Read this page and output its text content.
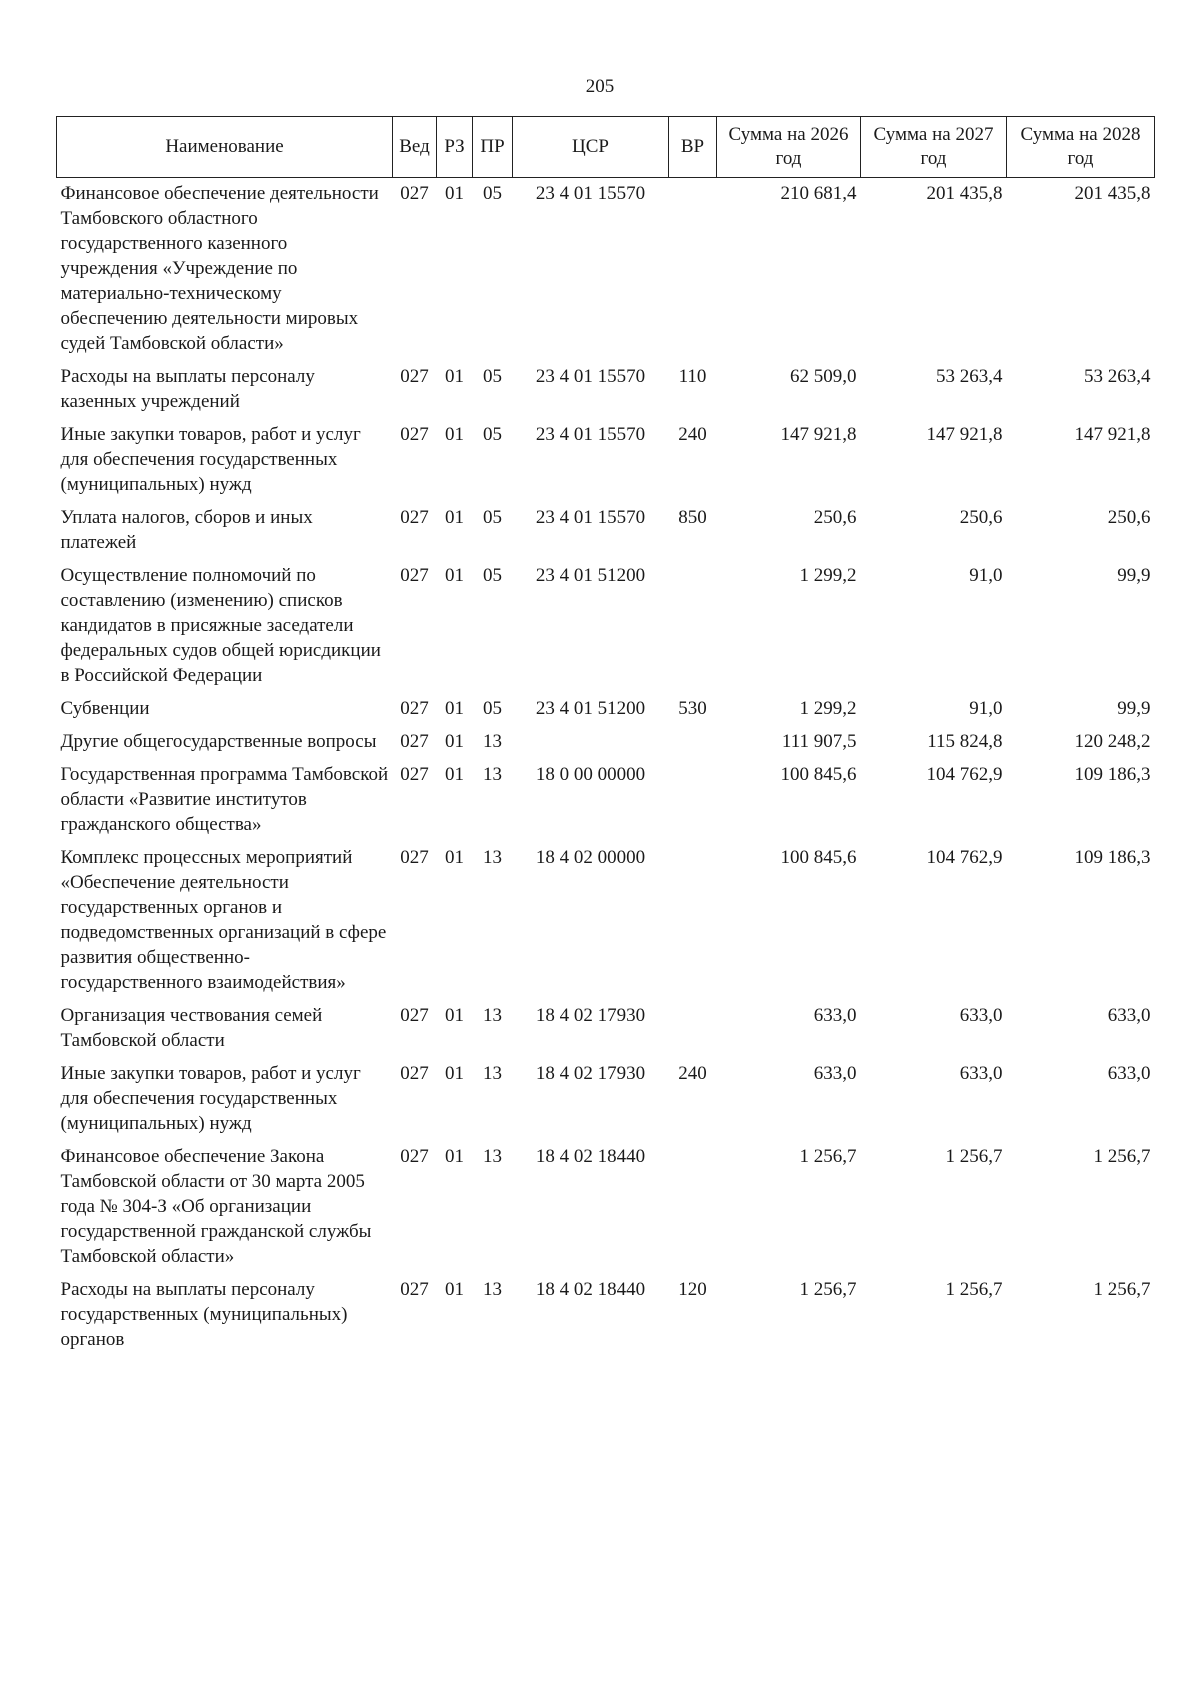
205
Наименование	Вед	РЗ	ПР	ЦСР	ВР	Сумма на 2026 год	Сумма на 2027 год	Сумма на 2028 год
Финансовое обеспечение деятельности Тамбовского областного государственного казенного учреждения «Учреждение по материально-техническому обеспечению деятельности мировых судей Тамбовской области»	027	01	05	23 4 01 15570		210 681,4	201 435,8	201 435,8
Расходы на выплаты персоналу казенных учреждений	027	01	05	23 4 01 15570	110	62 509,0	53 263,4	53 263,4
Иные закупки товаров, работ и услуг для обеспечения государственных (муниципальных) нужд	027	01	05	23 4 01 15570	240	147 921,8	147 921,8	147 921,8
Уплата налогов, сборов и иных платежей	027	01	05	23 4 01 15570	850	250,6	250,6	250,6
Осуществление полномочий по составлению (изменению) списков кандидатов в присяжные заседатели федеральных судов общей юрисдикции в Российской Федерации	027	01	05	23 4 01 51200		1 299,2	91,0	99,9
Субвенции	027	01	05	23 4 01 51200	530	1 299,2	91,0	99,9
Другие общегосударственные вопросы	027	01	13			111 907,5	115 824,8	120 248,2
Государственная программа Тамбовской области «Развитие институтов гражданского общества»	027	01	13	18 0 00 00000		100 845,6	104 762,9	109 186,3
Комплекс процессных мероприятий «Обеспечение деятельности государственных органов и подведомственных организаций в сфере развития общественно-государственного взаимодействия»	027	01	13	18 4 02 00000		100 845,6	104 762,9	109 186,3
Организация чествования семей Тамбовской области	027	01	13	18 4 02 17930		633,0	633,0	633,0
Иные закупки товаров, работ и услуг для обеспечения государственных (муниципальных) нужд	027	01	13	18 4 02 17930	240	633,0	633,0	633,0
Финансовое обеспечение Закона Тамбовской области от 30 марта 2005 года № 304-З «Об организации государственной гражданской службы Тамбовской области»	027	01	13	18 4 02 18440		1 256,7	1 256,7	1 256,7
Расходы на выплаты персоналу государственных (муниципальных) органов	027	01	13	18 4 02 18440	120	1 256,7	1 256,7	1 256,7
